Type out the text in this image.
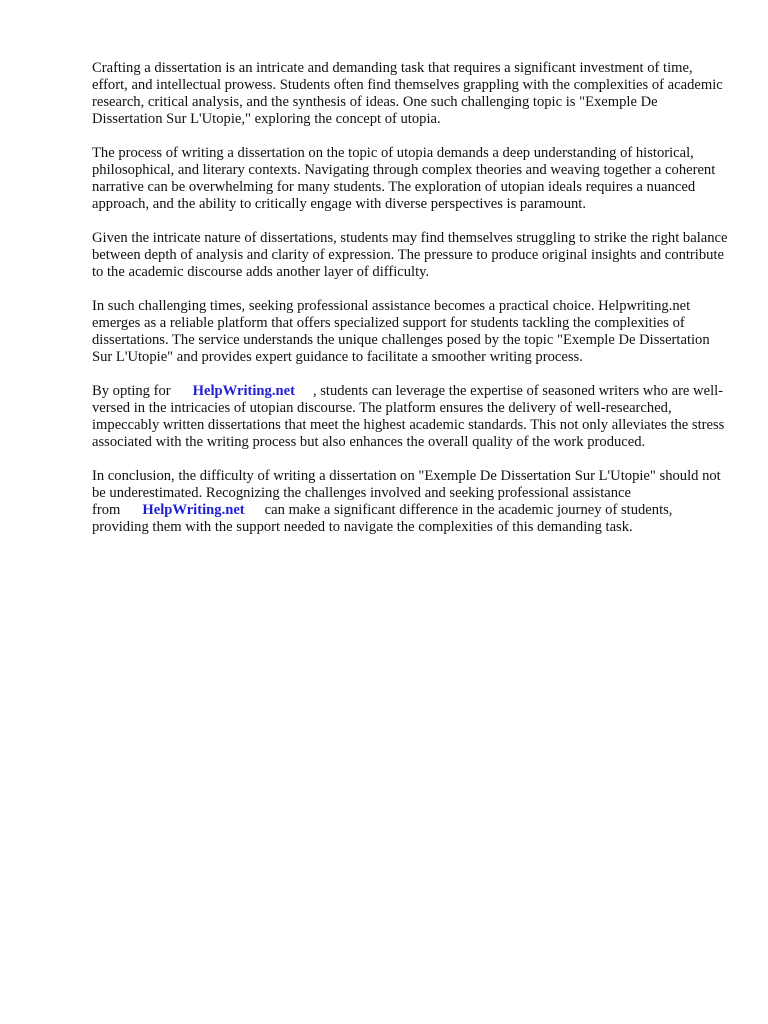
Crafting a dissertation is an intricate and demanding task that requires a significant investment of time, effort, and intellectual prowess. Students often find themselves grappling with the complexities of academic research, critical analysis, and the synthesis of ideas. One such challenging topic is "Exemple De Dissertation Sur L'Utopie," exploring the concept of utopia.

The process of writing a dissertation on the topic of utopia demands a deep understanding of historical, philosophical, and literary contexts. Navigating through complex theories and weaving together a coherent narrative can be overwhelming for many students. The exploration of utopian ideals requires a nuanced approach, and the ability to critically engage with diverse perspectives is paramount.

Given the intricate nature of dissertations, students may find themselves struggling to strike the right balance between depth of analysis and clarity of expression. The pressure to produce original insights and contribute to the academic discourse adds another layer of difficulty.

In such challenging times, seeking professional assistance becomes a practical choice. Helpwriting.net emerges as a reliable platform that offers specialized support for students tackling the complexities of dissertations. The service understands the unique challenges posed by the topic "Exemple De Dissertation Sur L'Utopie" and provides expert guidance to facilitate a smoother writing process.

By opting for HelpWriting.net , students can leverage the expertise of seasoned writers who are well-versed in the intricacies of utopian discourse. The platform ensures the delivery of well-researched, impeccably written dissertations that meet the highest academic standards. This not only alleviates the stress associated with the writing process but also enhances the overall quality of the work produced.

In conclusion, the difficulty of writing a dissertation on "Exemple De Dissertation Sur L'Utopie" should not be underestimated. Recognizing the challenges involved and seeking professional assistance from HelpWriting.net can make a significant difference in the academic journey of students, providing them with the support needed to navigate the complexities of this demanding task.
